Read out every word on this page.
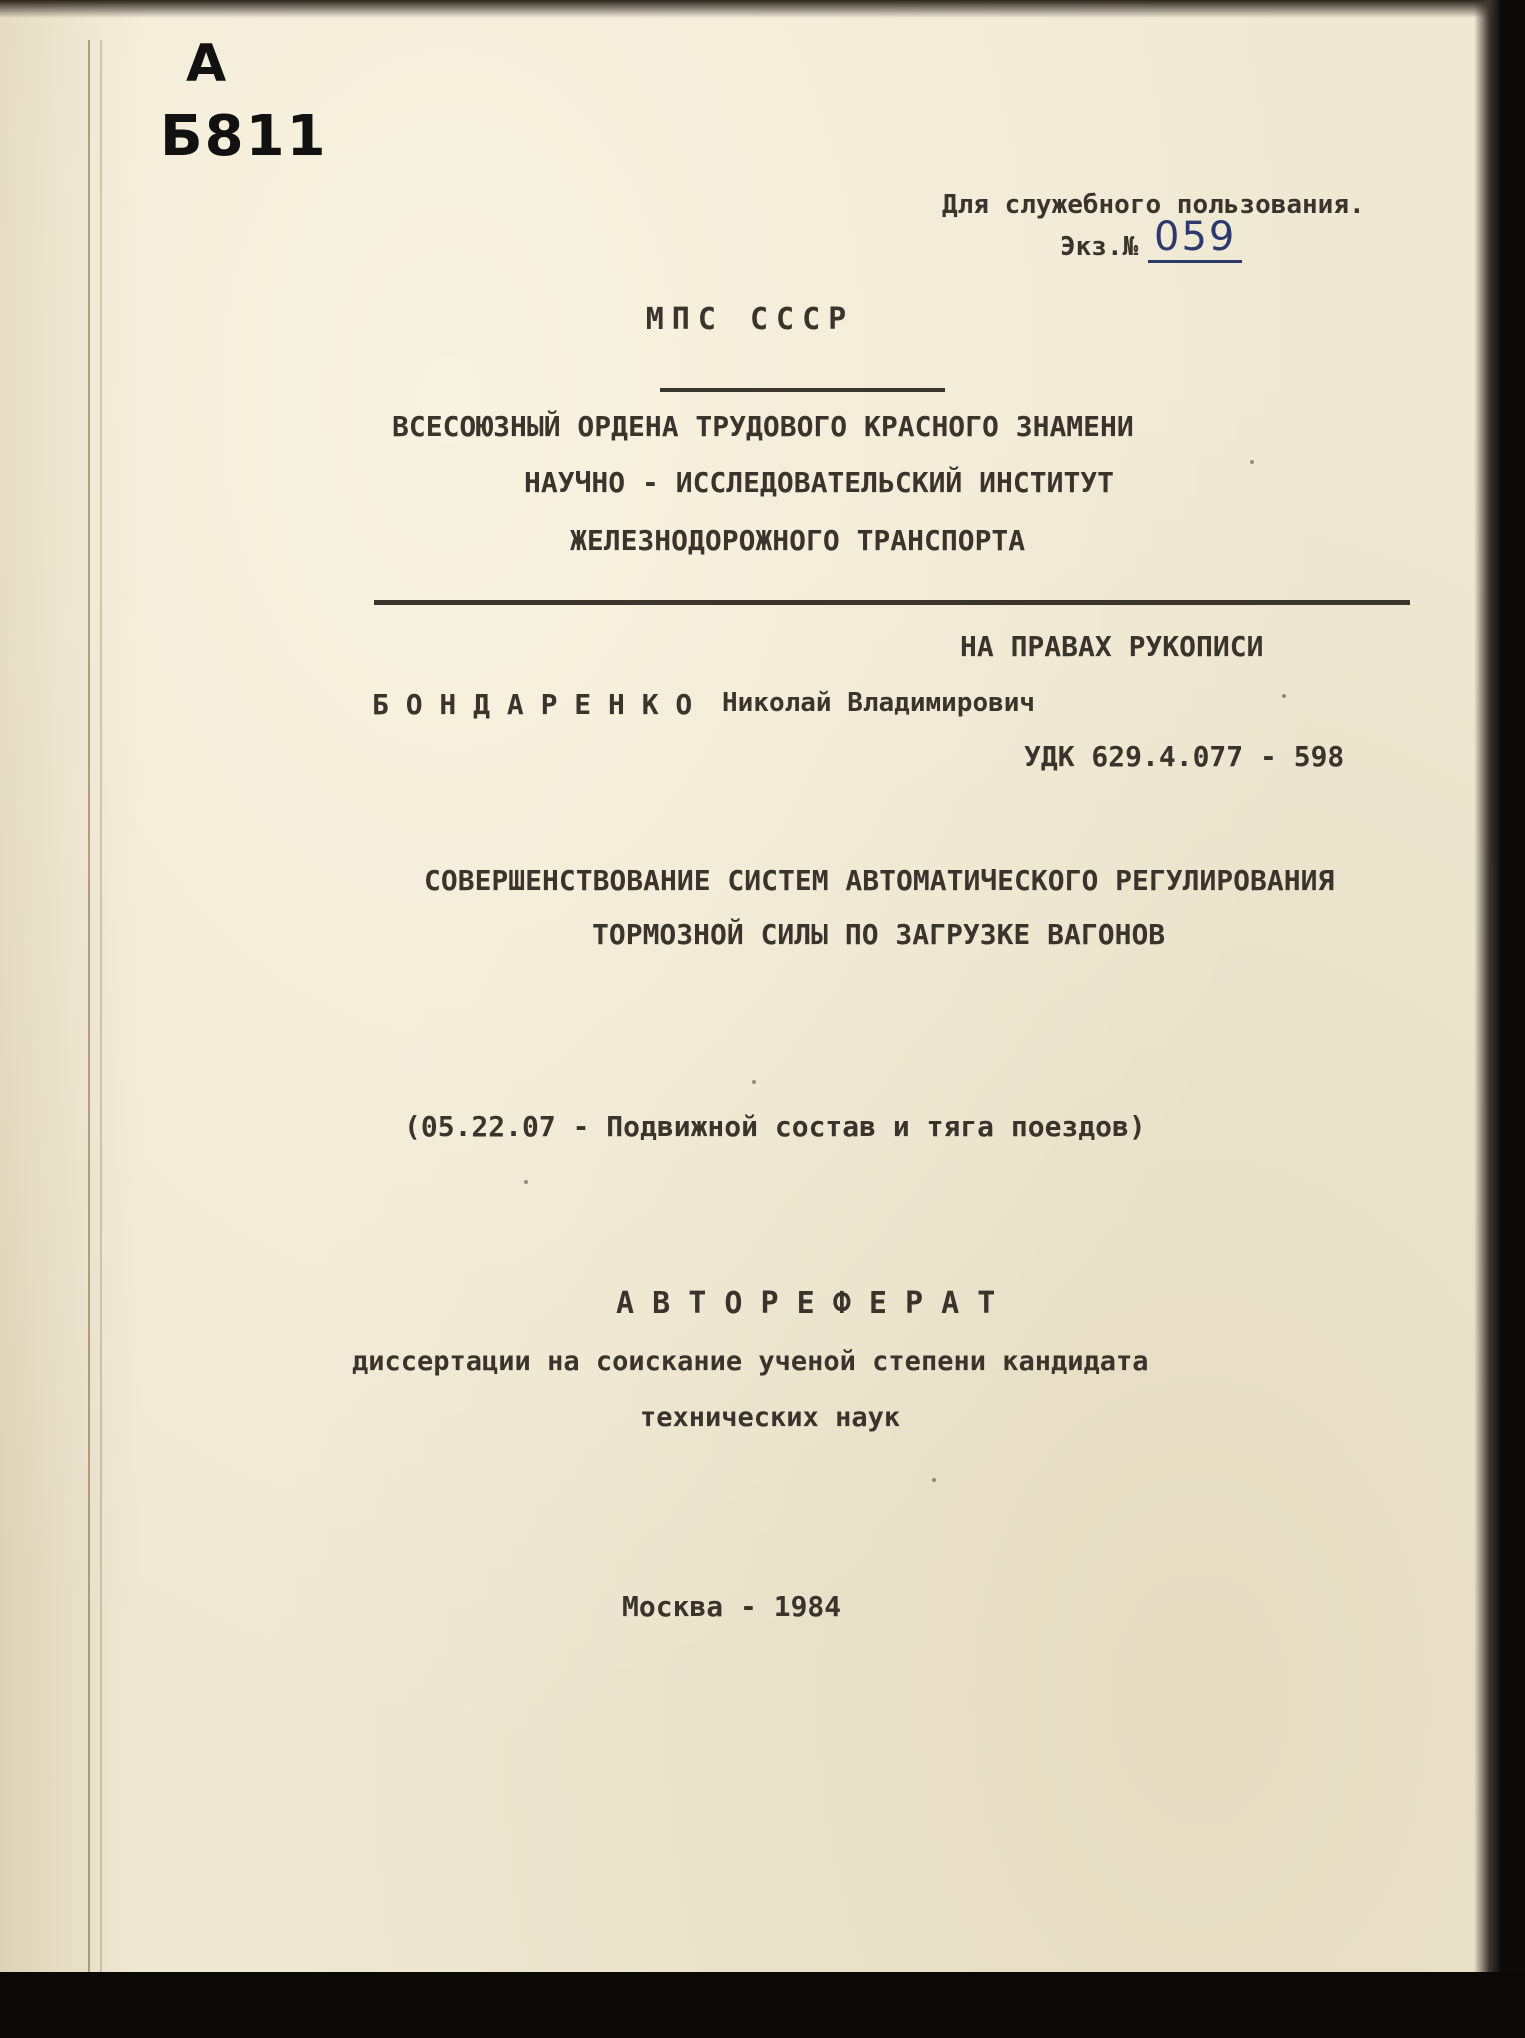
А
Б811
Для служебного пользования.
Экз.№ 059
МПС СССР
ВСЕСОЮЗНЫЙ ОРДЕНА ТРУДОВОГО КРАСНОГО ЗНАМЕНИ
НАУЧНО - ИССЛЕДОВАТЕЛЬСКИЙ ИНСТИТУТ
ЖЕЛЕЗНОДОРОЖНОГО ТРАНСПОРТА
НА ПРАВАХ РУКОПИСИ
Б О Н Д А Р Е Н К О Николай Владимирович
УДК 629.4.077 - 598
СОВЕРШЕНСТВОВАНИЕ СИСТЕМ АВТОМАТИЧЕСКОГО РЕГУЛИРОВАНИЯ
ТОРМОЗНОЙ СИЛЫ ПО ЗАГРУЗКЕ ВАГОНОВ
(05.22.07 - Подвижной состав и тяга поездов)
А В Т О Р Е Ф Е Р А Т
диссертации на соискание ученой степени кандидата
технических наук
Москва - 1984
